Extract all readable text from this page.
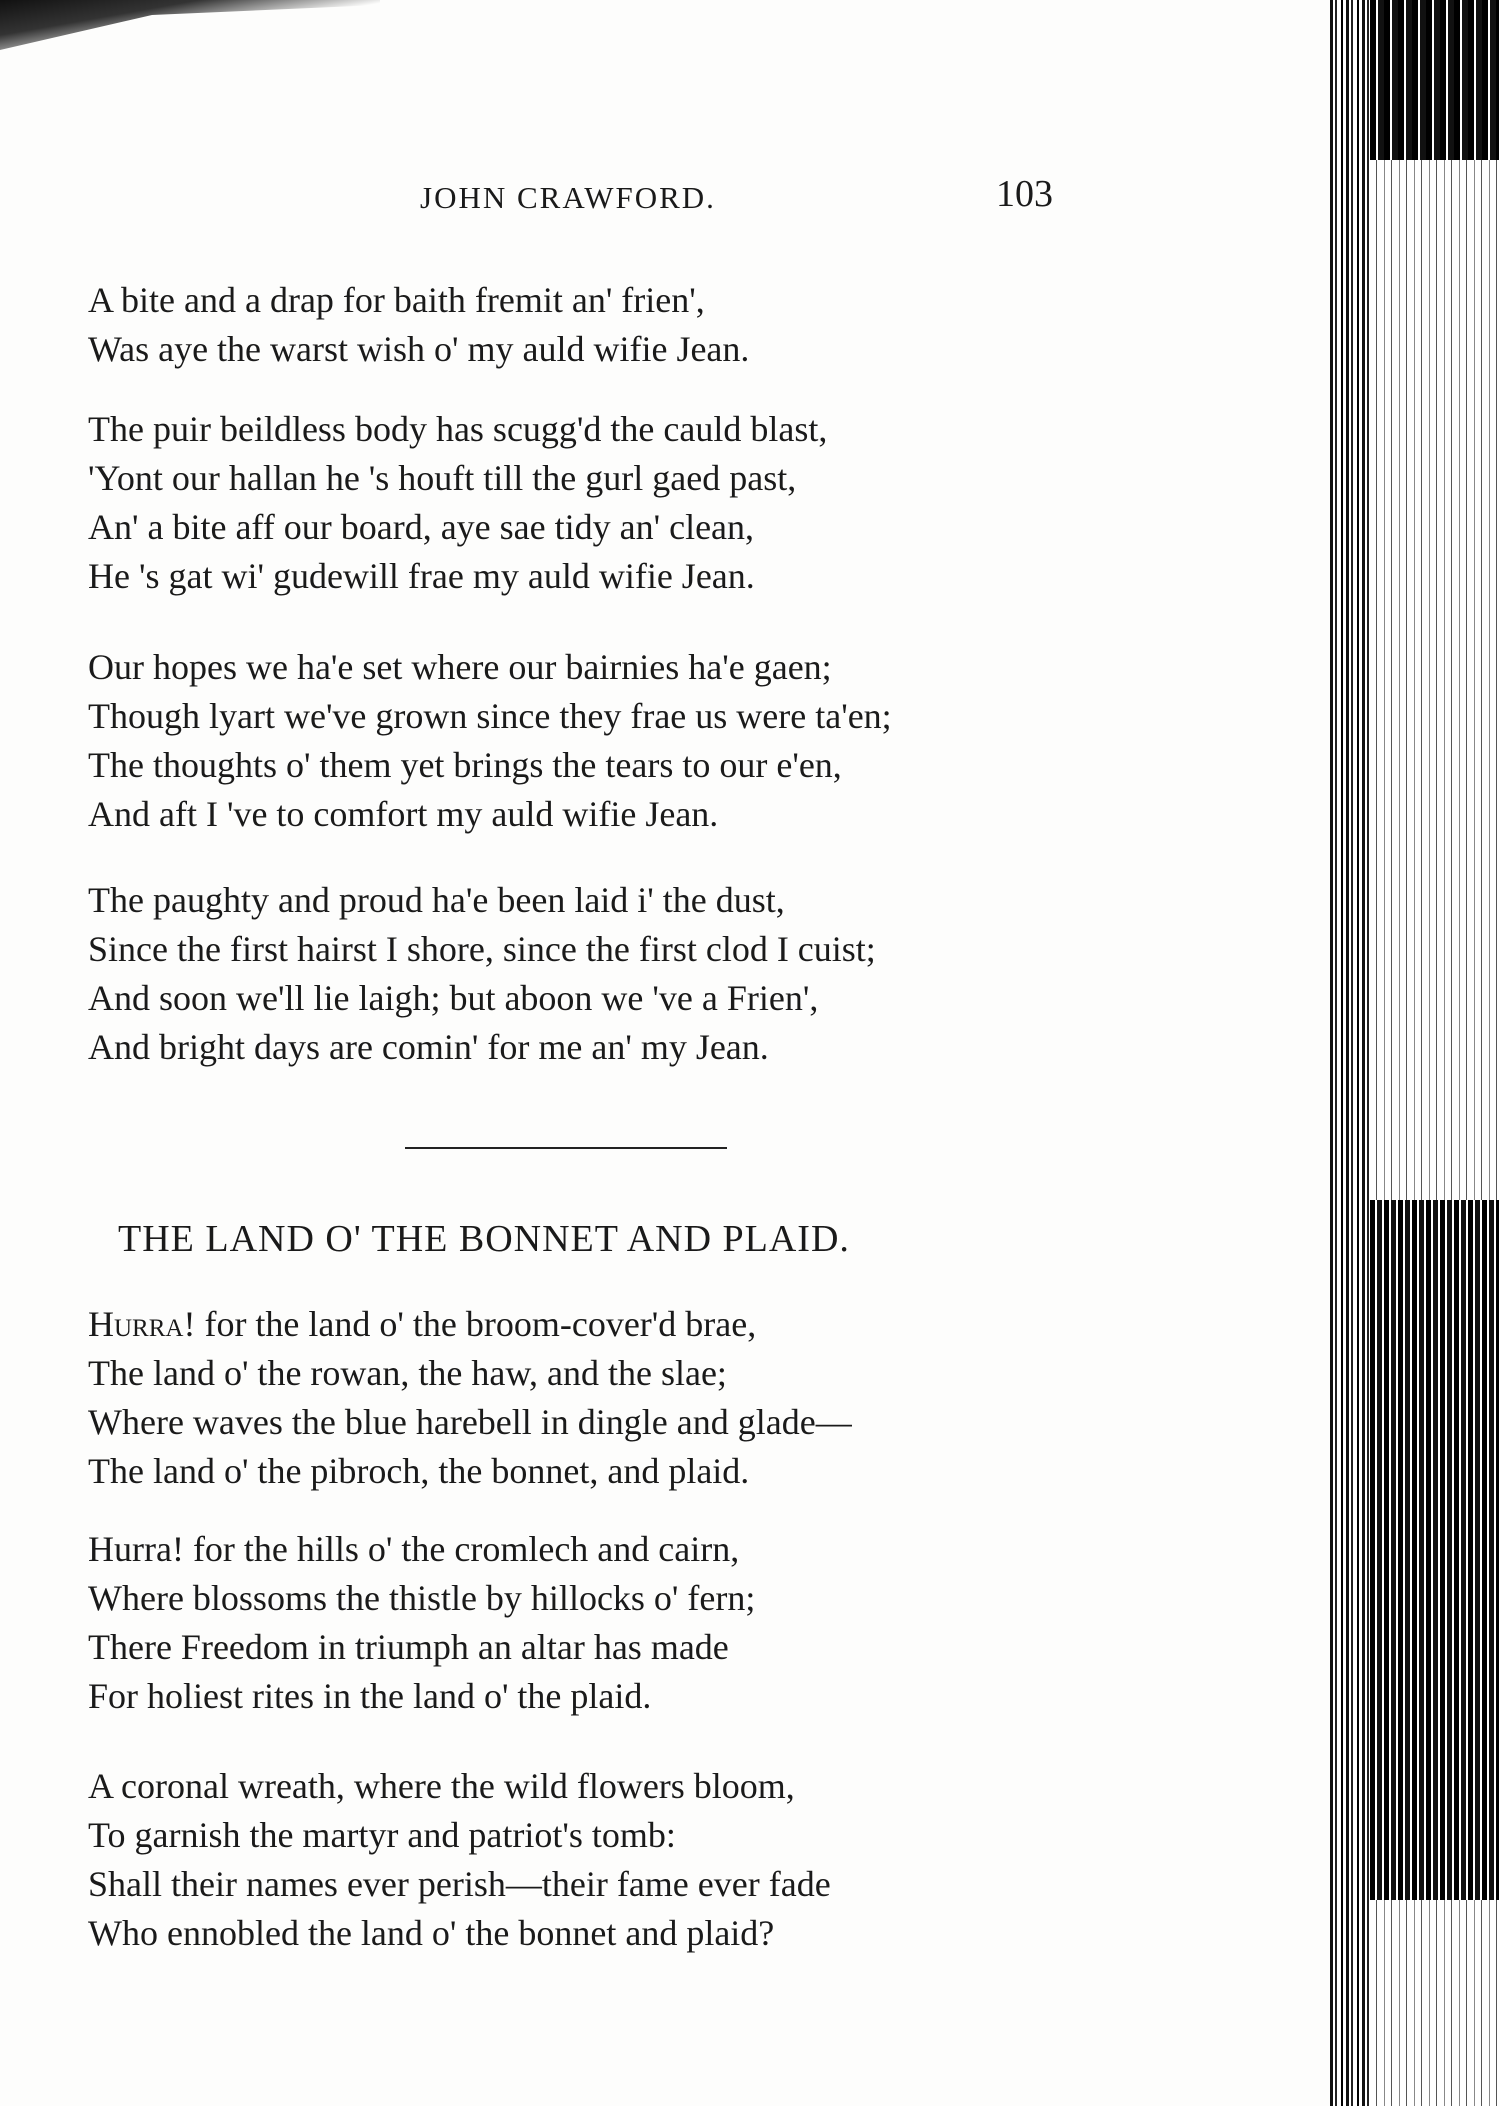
JOHN CRAWFORD.	103
A bite and a drap for baith fremit an' frien',
Was aye the warst wish o' my auld wifie Jean.
The puir beildless body has scugg'd the cauld blast,
'Yont our hallan he 's houft till the gurl gaed past,
An' a bite aff our board, aye sae tidy an' clean,
He 's gat wi' gudewill frae my auld wifie Jean.
Our hopes we ha'e set where our bairnies ha'e gaen;
Though lyart we've grown since they frae us were ta'en;
The thoughts o' them yet brings the tears to our e'en,
And aft I 've to comfort my auld wifie Jean.
The paughty and proud ha'e been laid i' the dust,
Since the first hairst I shore, since the first clod I cuist;
And soon we'll lie laigh; but aboon we 've a Frien',
And bright days are comin' for me an' my Jean.
THE LAND O' THE BONNET AND PLAID.
Hurra! for the land o' the broom-cover'd brae,
The land o' the rowan, the haw, and the slae;
Where waves the blue harebell in dingle and glade—
The land o' the pibroch, the bonnet, and plaid.
Hurra! for the hills o' the cromlech and cairn,
Where blossoms the thistle by hillocks o' fern;
There Freedom in triumph an altar has made
For holiest rites in the land o' the plaid.
A coronal wreath, where the wild flowers bloom,
To garnish the martyr and patriot's tomb:
Shall their names ever perish—their fame ever fade
Who ennobled the land o' the bonnet and plaid?
